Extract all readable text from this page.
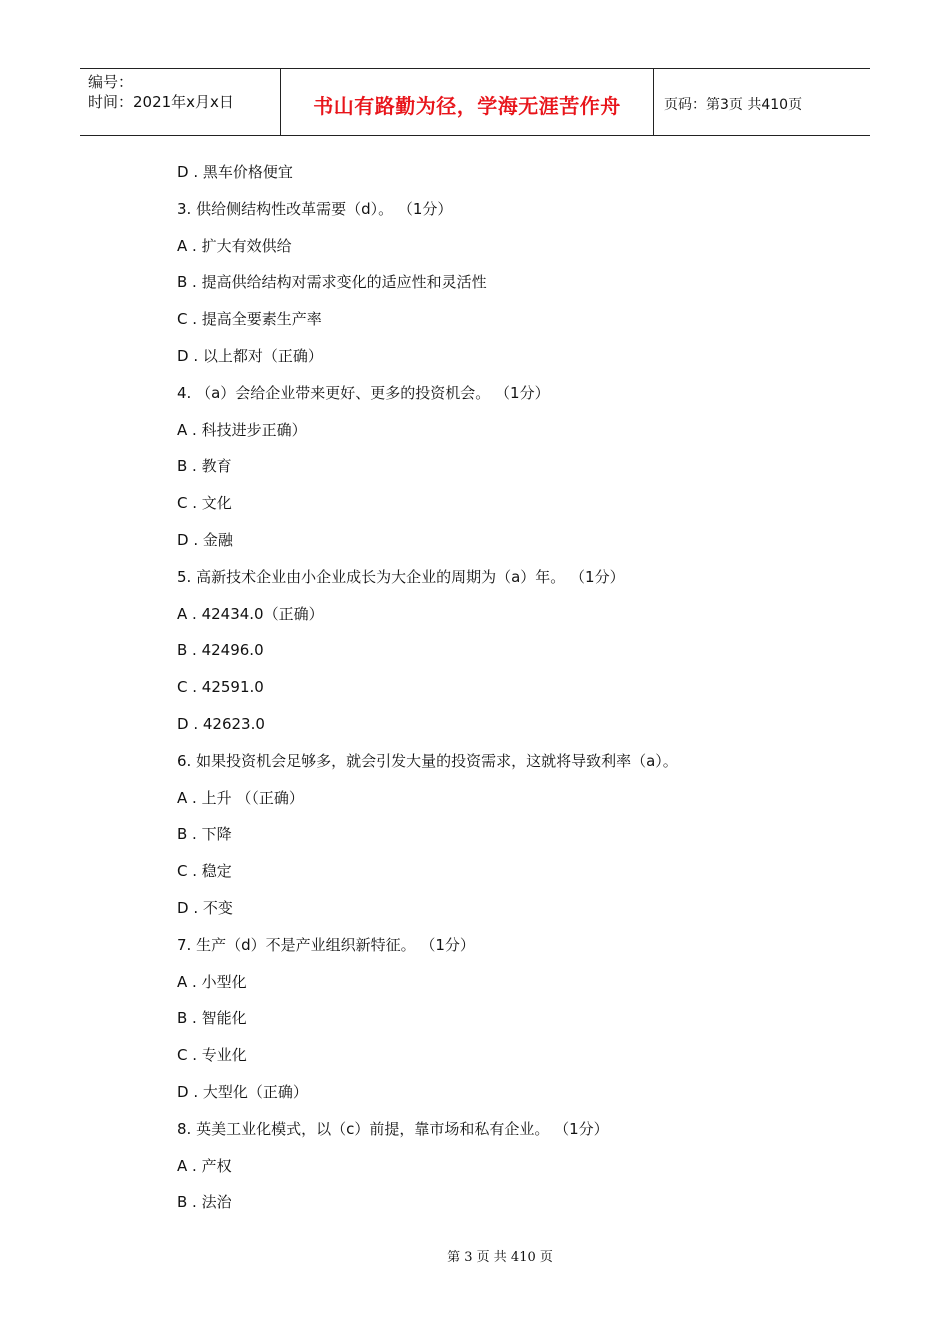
编号：
时间：2021年x月x日	书山有路勤为径，学海无涯苦作舟	页码：第3页 共410页
D . 黑车价格便宜
3. 供给侧结构性改革需要（d）。 （1分）
A . 扩大有效供给
B . 提高供给结构对需求变化的适应性和灵活性
C . 提高全要素生产率
D . 以上都对（正确）
4. （a）会给企业带来更好、更多的投资机会。 （1分）
A . 科技进步正确）
B . 教育
C . 文化
D . 金融
5. 高新技术企业由小企业成长为大企业的周期为（a）年。 （1分）
A . 42434.0（正确）
B . 42496.0
C . 42591.0
D . 42623.0
6. 如果投资机会足够多，就会引发大量的投资需求，这就将导致利率（a）。
A . 上升 （（正确）
B . 下降
C . 稳定
D . 不变
7. 生产（d）不是产业组织新特征。 （1分）
A . 小型化
B . 智能化
C . 专业化
D . 大型化（正确）
8. 英美工业化模式，以（c）前提，靠市场和私有企业。 （1分）
A . 产权
B . 法治
第 3 页 共 410 页
